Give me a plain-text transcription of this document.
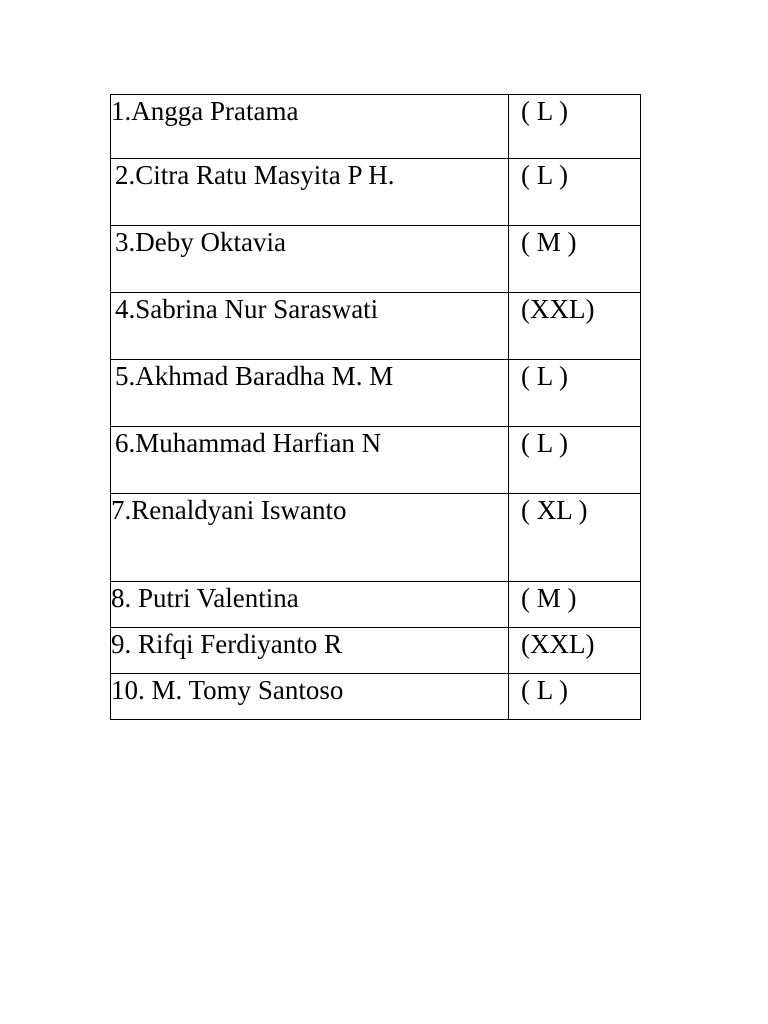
1.Angga Pratama	( L )
2.Citra Ratu Masyita P H.	( L )
3.Deby Oktavia	( M )
4.Sabrina Nur Saraswati	(XXL)
5.Akhmad Baradha M. M	( L )
6.Muhammad Harfian N	( L )
7.Renaldyani Iswanto	( XL )
8. Putri Valentina	( M )
9. Rifqi Ferdiyanto R	(XXL)
10. M. Tomy Santoso	( L )
